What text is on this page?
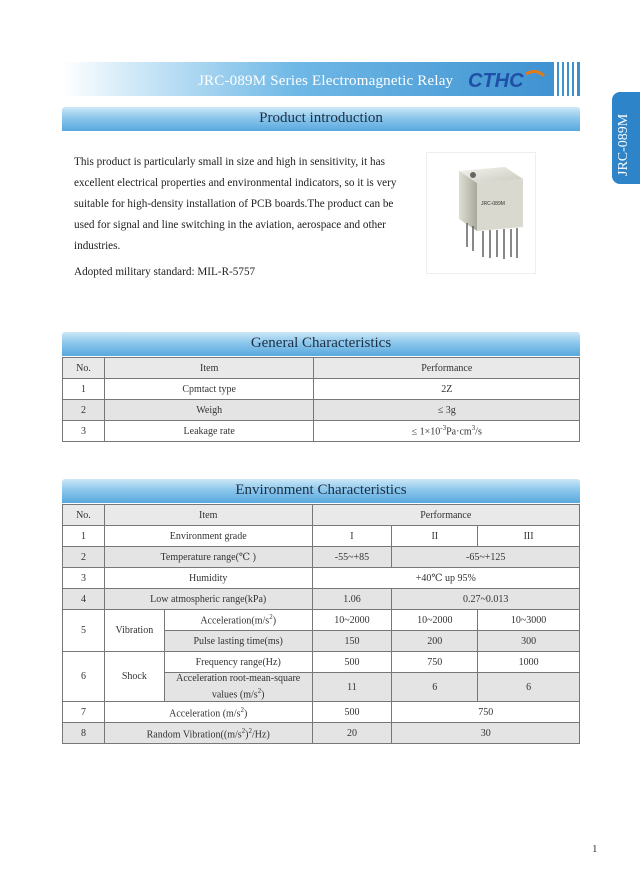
JRC-089M Series Electromagnetic Relay CTHC
JRC-089M
Product introduction
This product is particularly small in size and high in sensitivity, it has excellent electrical properties and environmental indicators, so it is very suitable for high-density installation of PCB boards.The product can be used for signal and line switching in the aviation, aerospace and other industries.
Adopted military standard: MIL-R-5757
JRC-089M
General Characteristics
No.	Item	Performance
1	Cpmtact type	2Z
2	Weigh	≤ 3g
3	Leakage rate	≤ $1\times 10^{-3}Pa\cdot cm^3/s$
Environment Characteristics
No.	Item		Performance		
1	Environment grade		I	II	III
2	Temperature range(℃ )		-55~+85	-65~+125	
3	Humidity		+40℃ up 95%		
4	Low atmospheric range(kPa)		1.06	0.27~0.013	
5	Vibration	$Acceleration(m/s^2)$	10~2000	10~2000	10~3000
		Pulse lasting time(ms)	150	200	300
6	Shock	Frequency range(Hz)	500	750	1000
		Acceleration root-mean-square values $(m/s^2)$	11	6	6
7	Acceleration $(m/s^2)$		500	750	
8	Random $Vibration((m/s^2)^2/Hz)$		20	30	
1
